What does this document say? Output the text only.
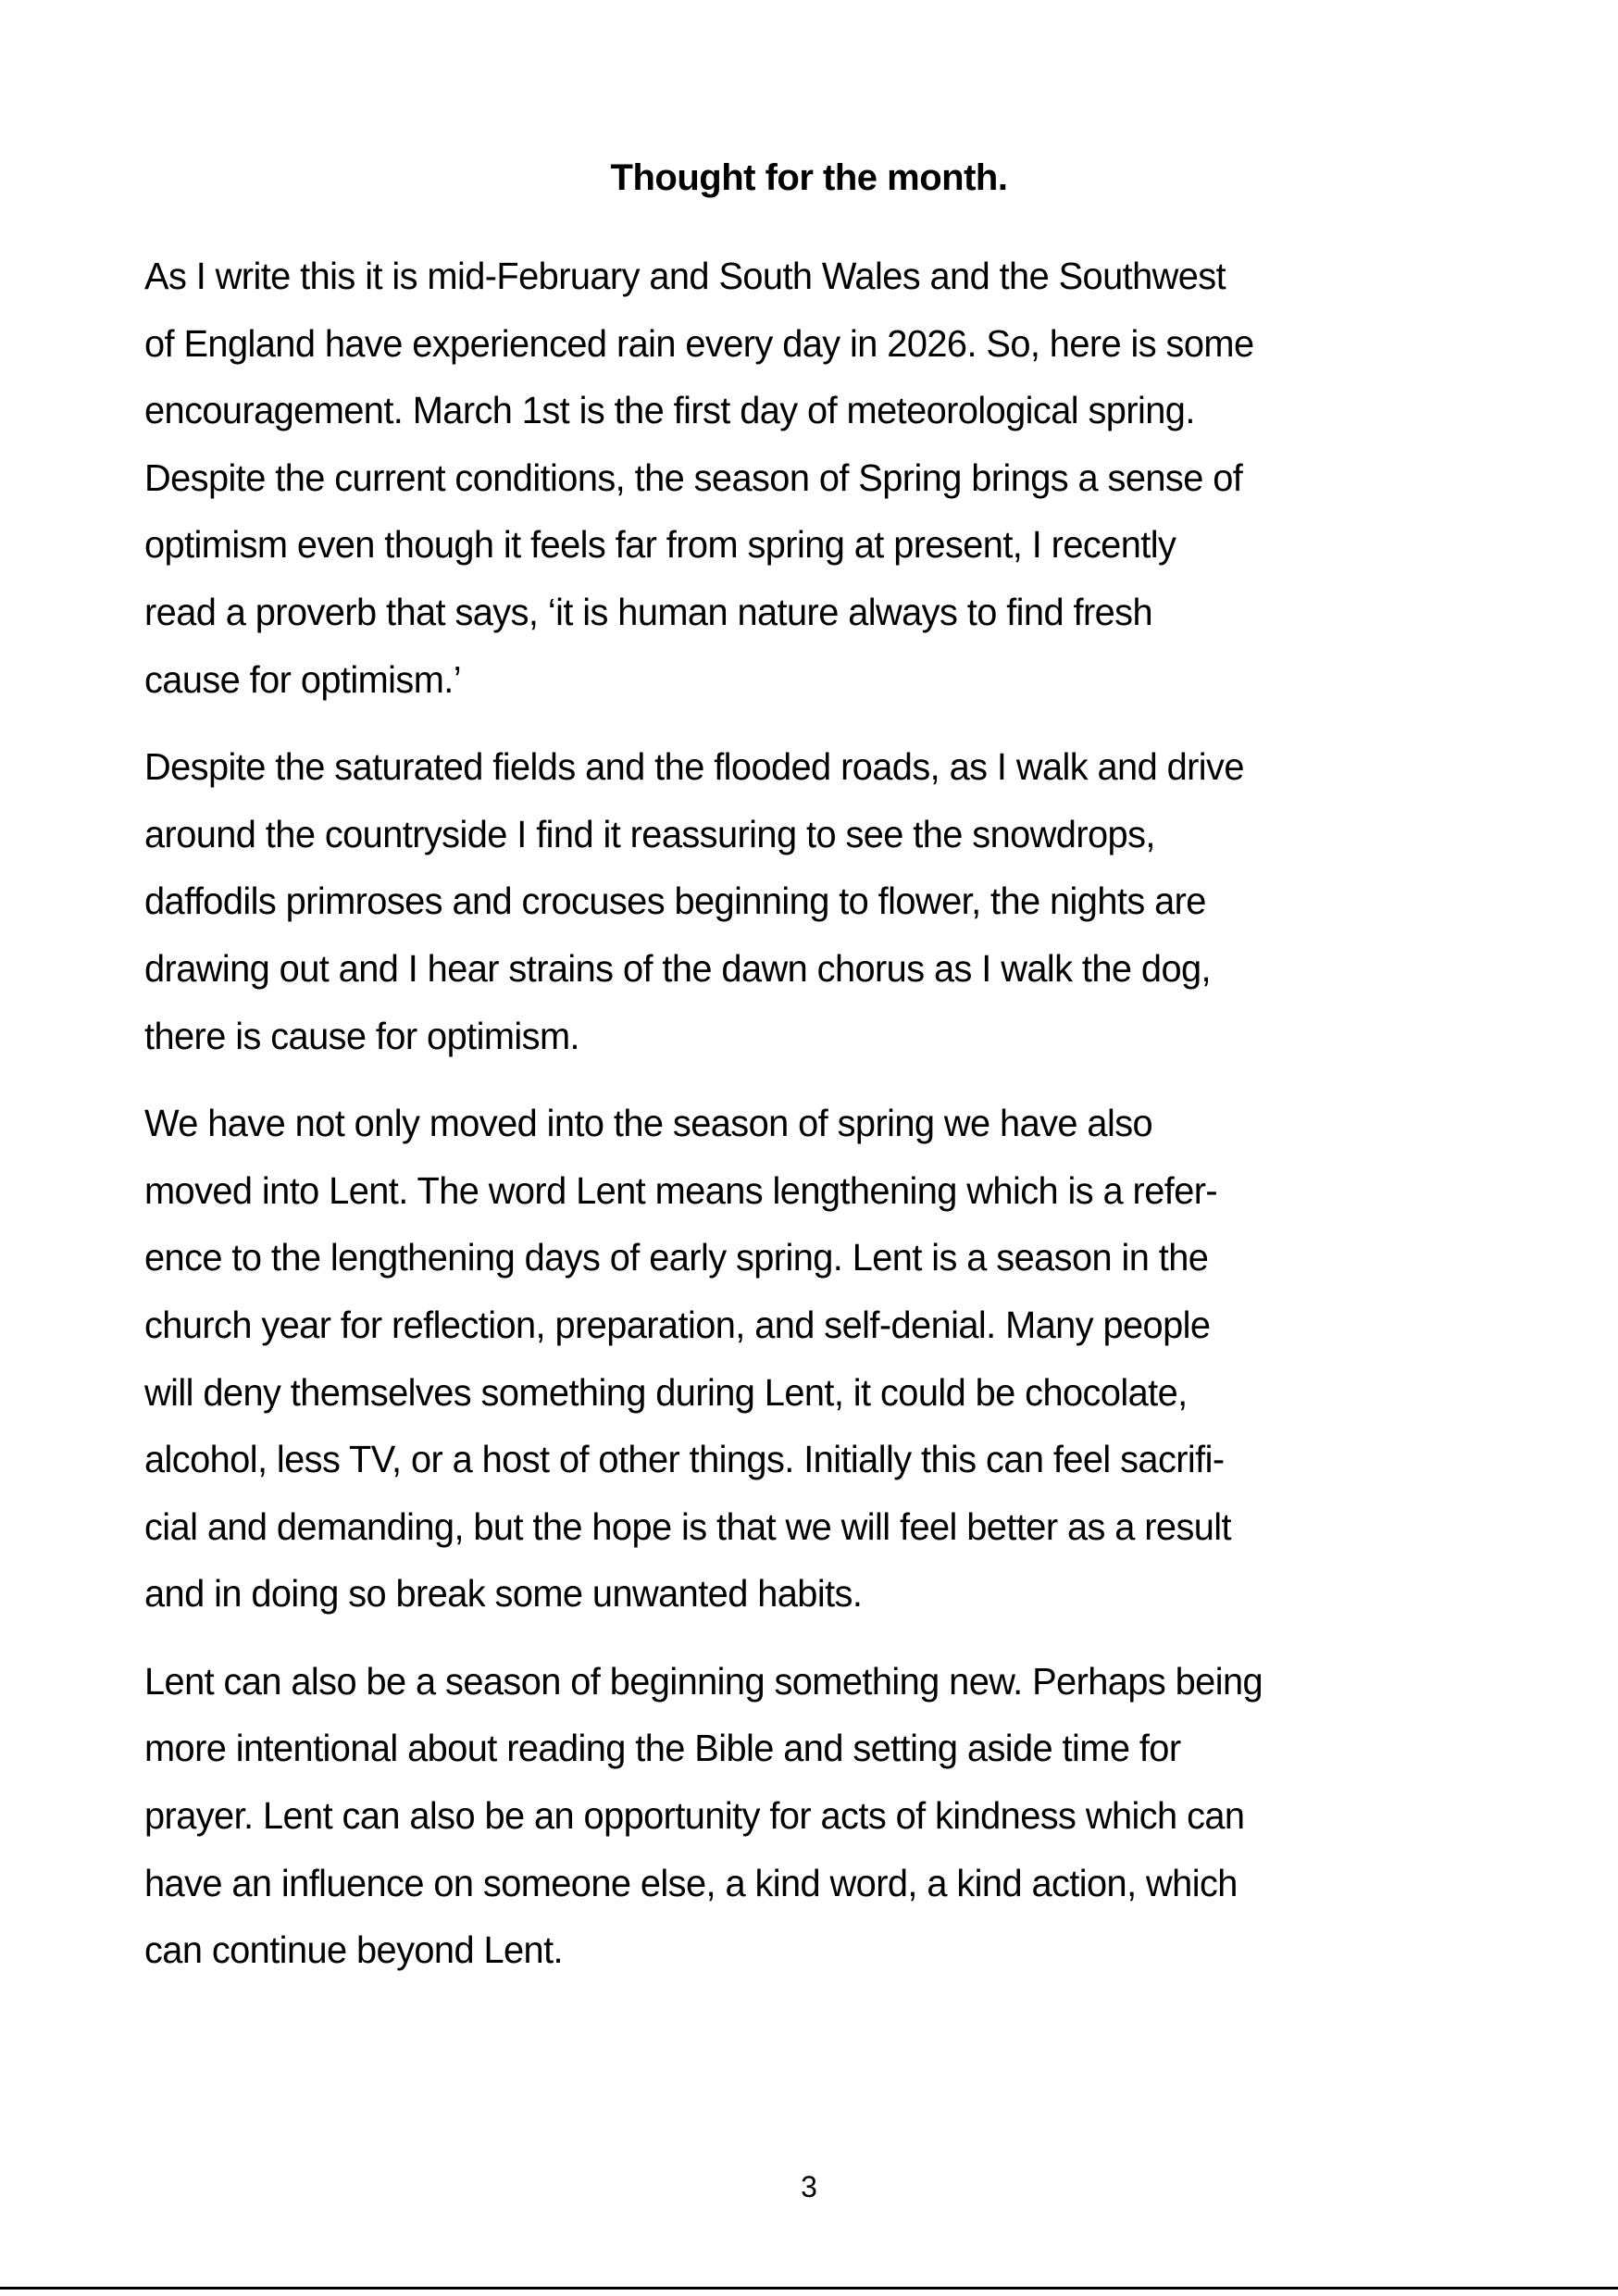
Thought for the month.
As I write this it is mid-February and South Wales and the Southwest
of England have experienced rain every day in 2026. So, here is some
encouragement. March 1st is the first day of meteorological spring.
Despite the current conditions, the season of Spring brings a sense of
optimism even though it feels far from spring at present, I recently
read a proverb that says, ‘it is human nature always to find fresh
cause for optimism.’
Despite the saturated fields and the flooded roads, as I walk and drive
around the countryside I find it reassuring to see the snowdrops,
daffodils primroses and crocuses beginning to flower, the nights are
drawing out and I hear strains of the dawn chorus as I walk the dog,
there is cause for optimism.
We have not only moved into the season of spring we have also
moved into Lent. The word Lent means lengthening which is a refer-
ence to the lengthening days of early spring. Lent is a season in the
church year for reflection, preparation, and self-denial. Many people
will deny themselves something during Lent, it could be chocolate,
alcohol, less TV, or a host of other things. Initially this can feel sacrifi-
cial and demanding, but the hope is that we will feel better as a result
and in doing so break some unwanted habits.
Lent can also be a season of beginning something new. Perhaps being
more intentional about reading the Bible and setting aside time for
prayer. Lent can also be an opportunity for acts of kindness which can
have an influence on someone else, a kind word, a kind action, which
can continue beyond Lent.
3
